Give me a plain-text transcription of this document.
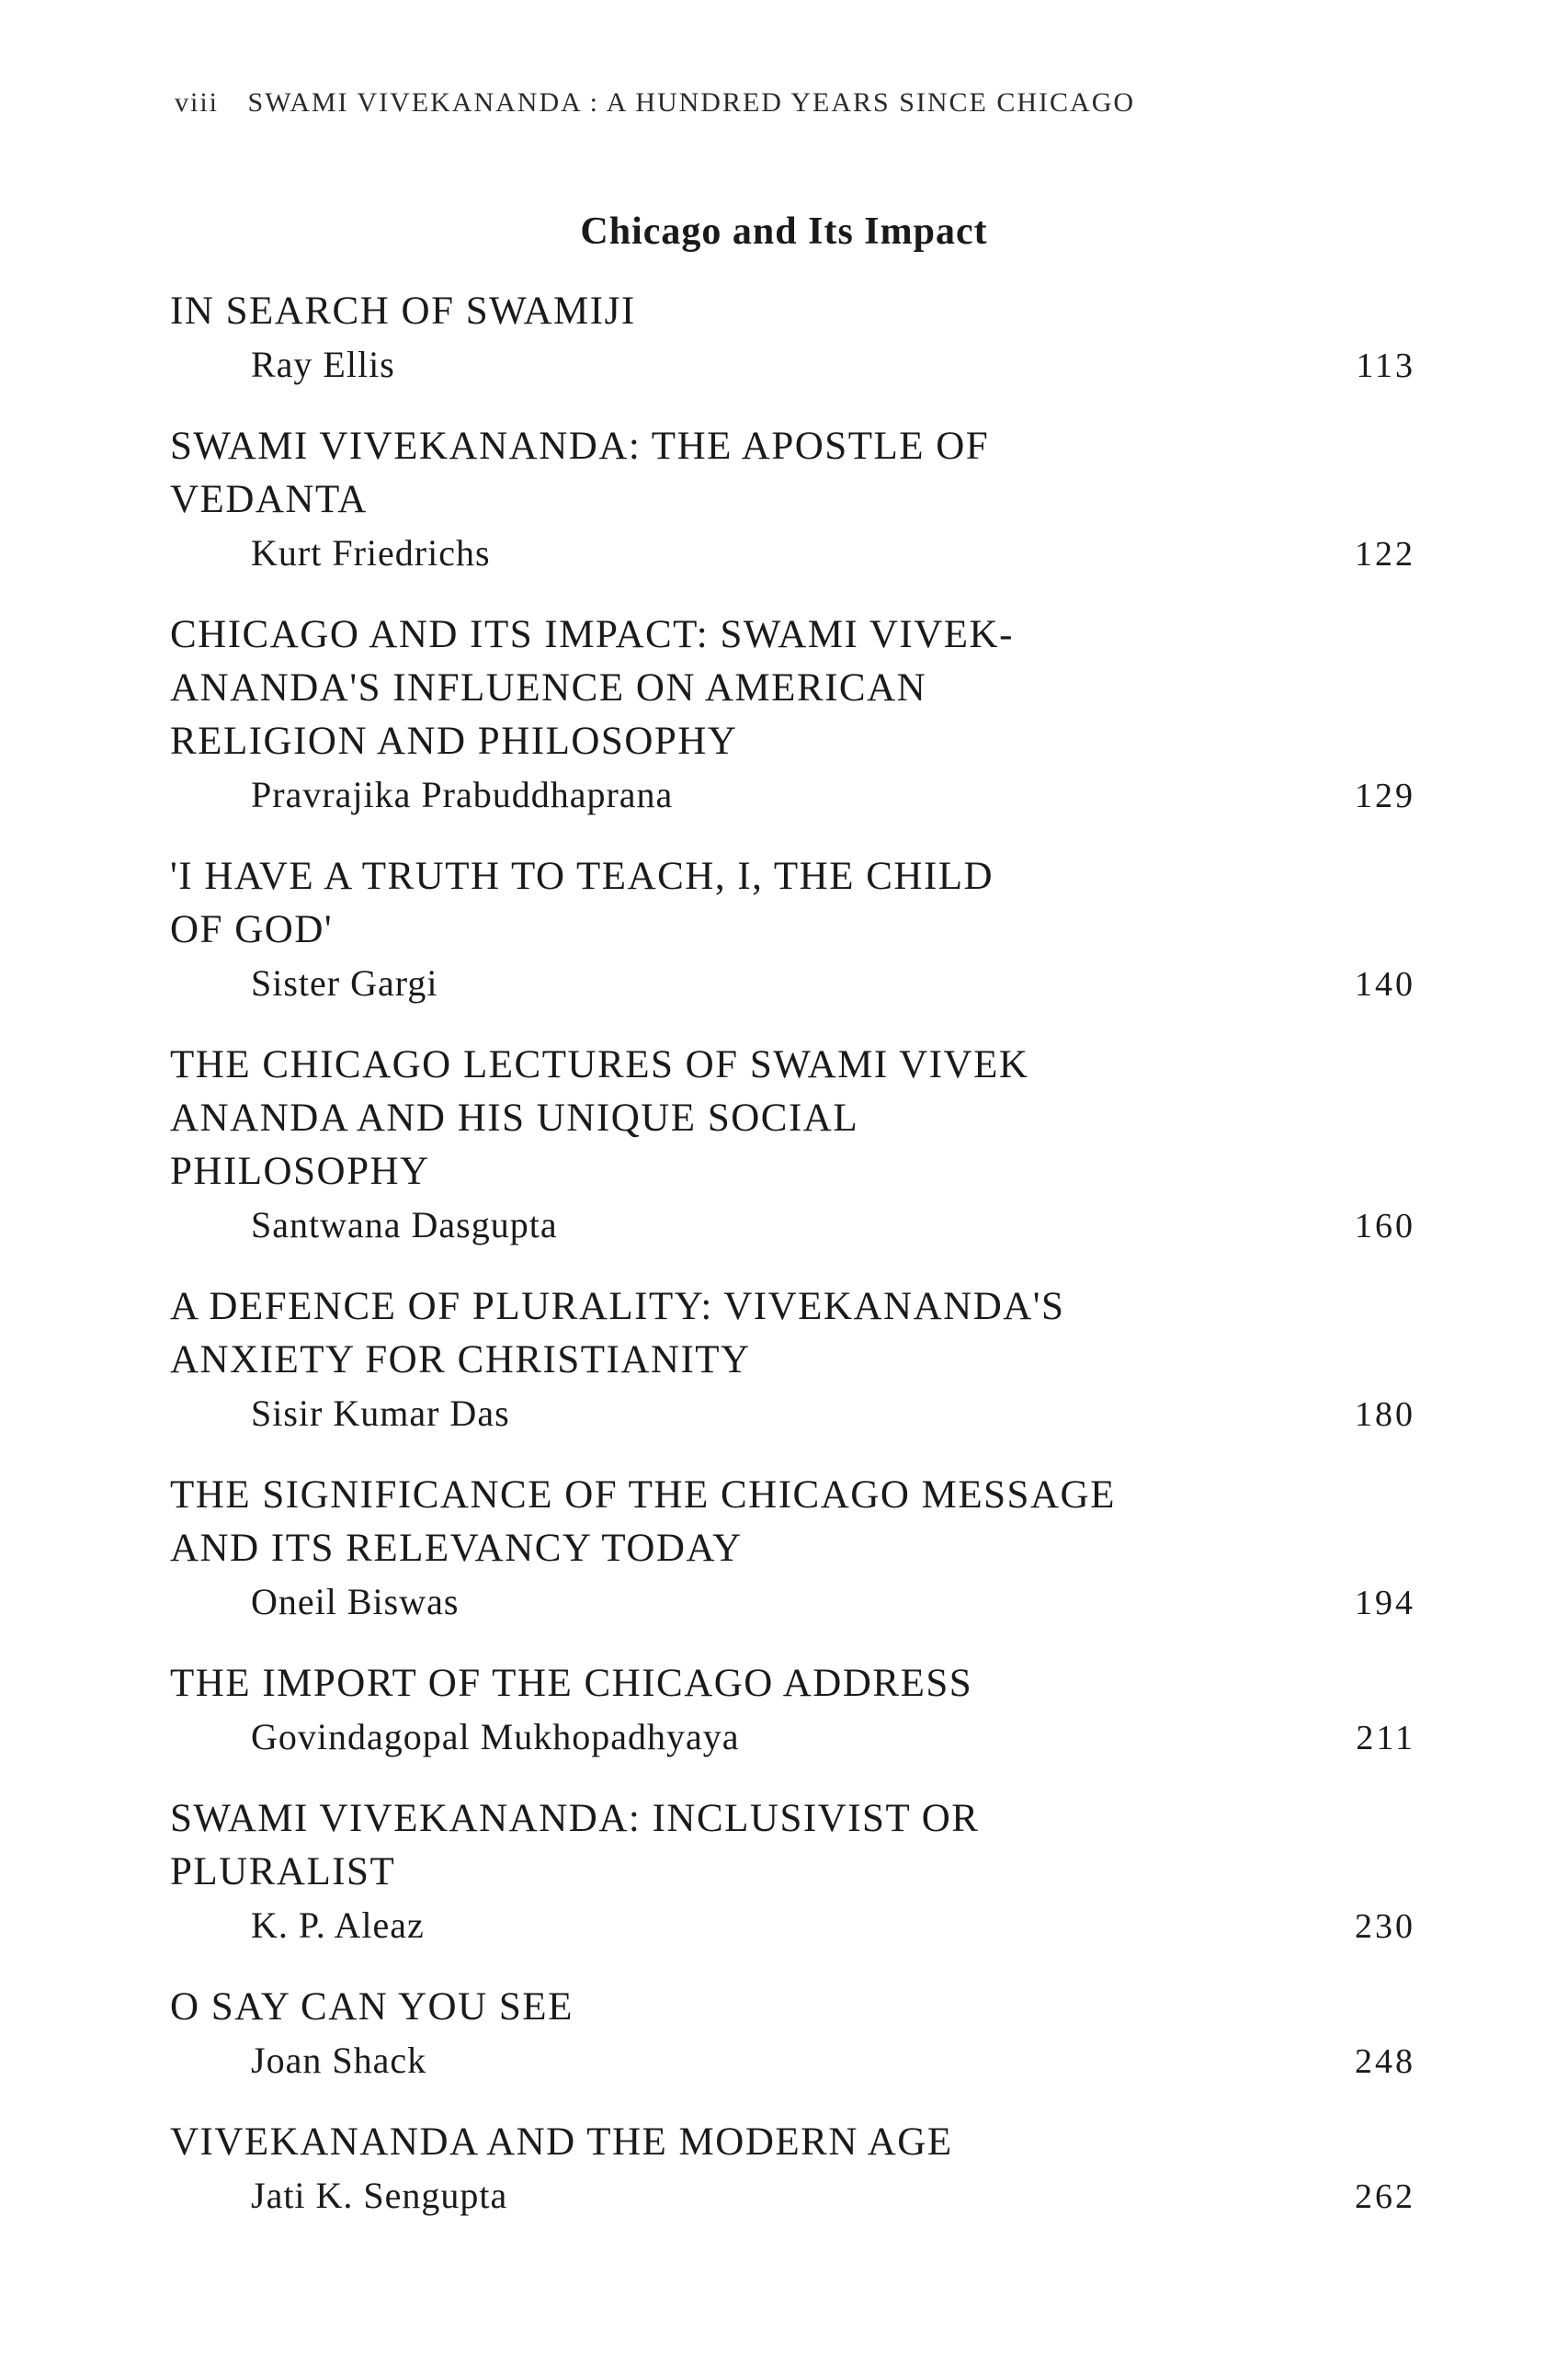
viii SWAMI VIVEKANANDA : A HUNDRED YEARS SINCE CHICAGO
Chicago and Its Impact
IN SEARCH OF SWAMIJI
Ray Ellis	113
SWAMI VIVEKANANDA: THE APOSTLE OF
VEDANTA
Kurt Friedrichs	122
CHICAGO AND ITS IMPACT: SWAMI VIVEK-
ANANDA'S INFLUENCE ON AMERICAN
RELIGION AND PHILOSOPHY
Pravrajika Prabuddhaprana	129
'I HAVE A TRUTH TO TEACH, I, THE CHILD
OF GOD'
Sister Gargi	140
THE CHICAGO LECTURES OF SWAMI VIVEK
ANANDA AND HIS UNIQUE SOCIAL
PHILOSOPHY
Santwana Dasgupta	160
A DEFENCE OF PLURALITY: VIVEKANANDA'S
ANXIETY FOR CHRISTIANITY
Sisir Kumar Das	180
THE SIGNIFICANCE OF THE CHICAGO MESSAGE
AND ITS RELEVANCY TODAY
Oneil Biswas	194
THE IMPORT OF THE CHICAGO ADDRESS
Govindagopal Mukhopadhyaya	211
SWAMI VIVEKANANDA: INCLUSIVIST OR
PLURALIST
K. P. Aleaz	230
O SAY CAN YOU SEE
Joan Shack	248
VIVEKANANDA AND THE MODERN AGE
Jati K. Sengupta	262
